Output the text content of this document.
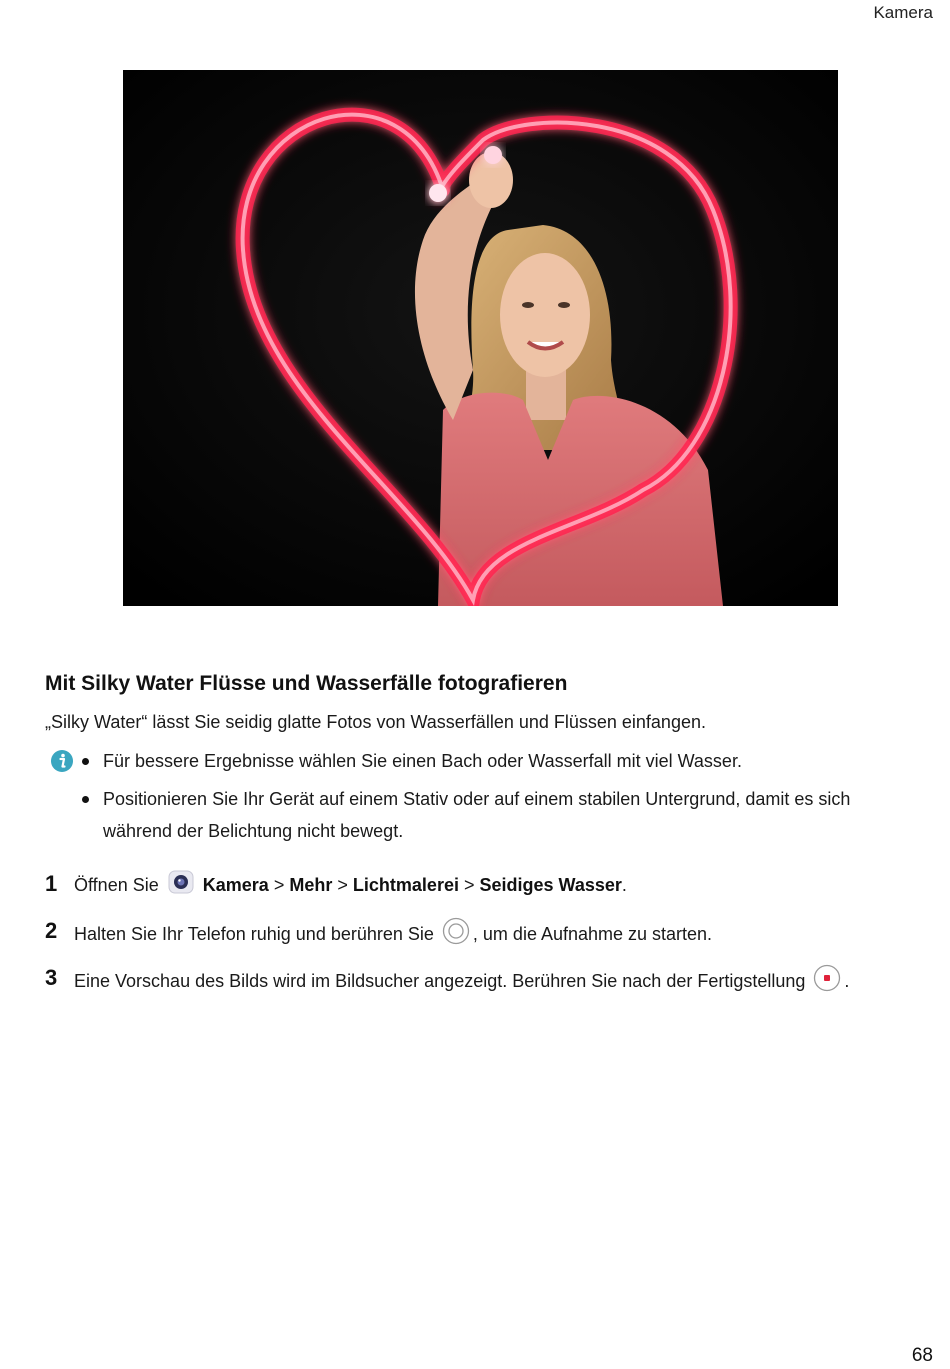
Kamera
Mit Silky Water Flüsse und Wasserfälle fotografieren
„Silky Water“ lässt Sie seidig glatte Fotos von Wasserfällen und Flüssen einfangen.
Für bessere Ergebnisse wählen Sie einen Bach oder Wasserfall mit viel Wasser.
Positionieren Sie Ihr Gerät auf einem Stativ oder auf einem stabilen Untergrund, damit es sich während der Belichtung nicht bewegt.
1 Öffnen Sie Kamera > Mehr > Lichtmalerei > Seidiges Wasser.
2 Halten Sie Ihr Telefon ruhig und berühren Sie , um die Aufnahme zu starten.
3 Eine Vorschau des Bilds wird im Bildsucher angezeigt. Berühren Sie nach der Fertigstellung .
68
